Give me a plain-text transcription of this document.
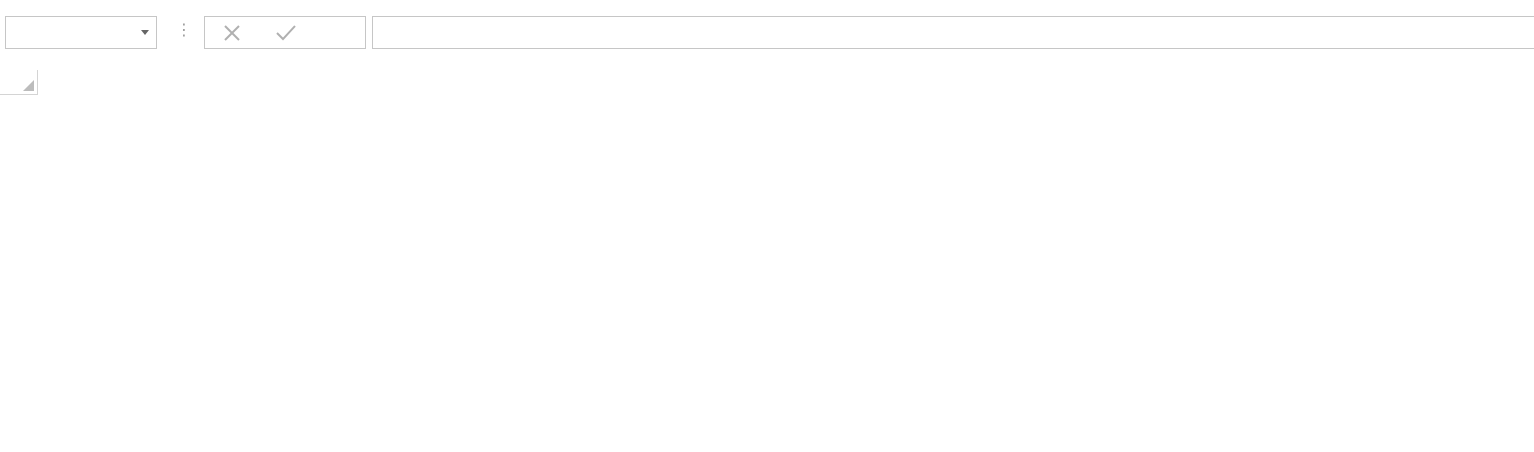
⋮
